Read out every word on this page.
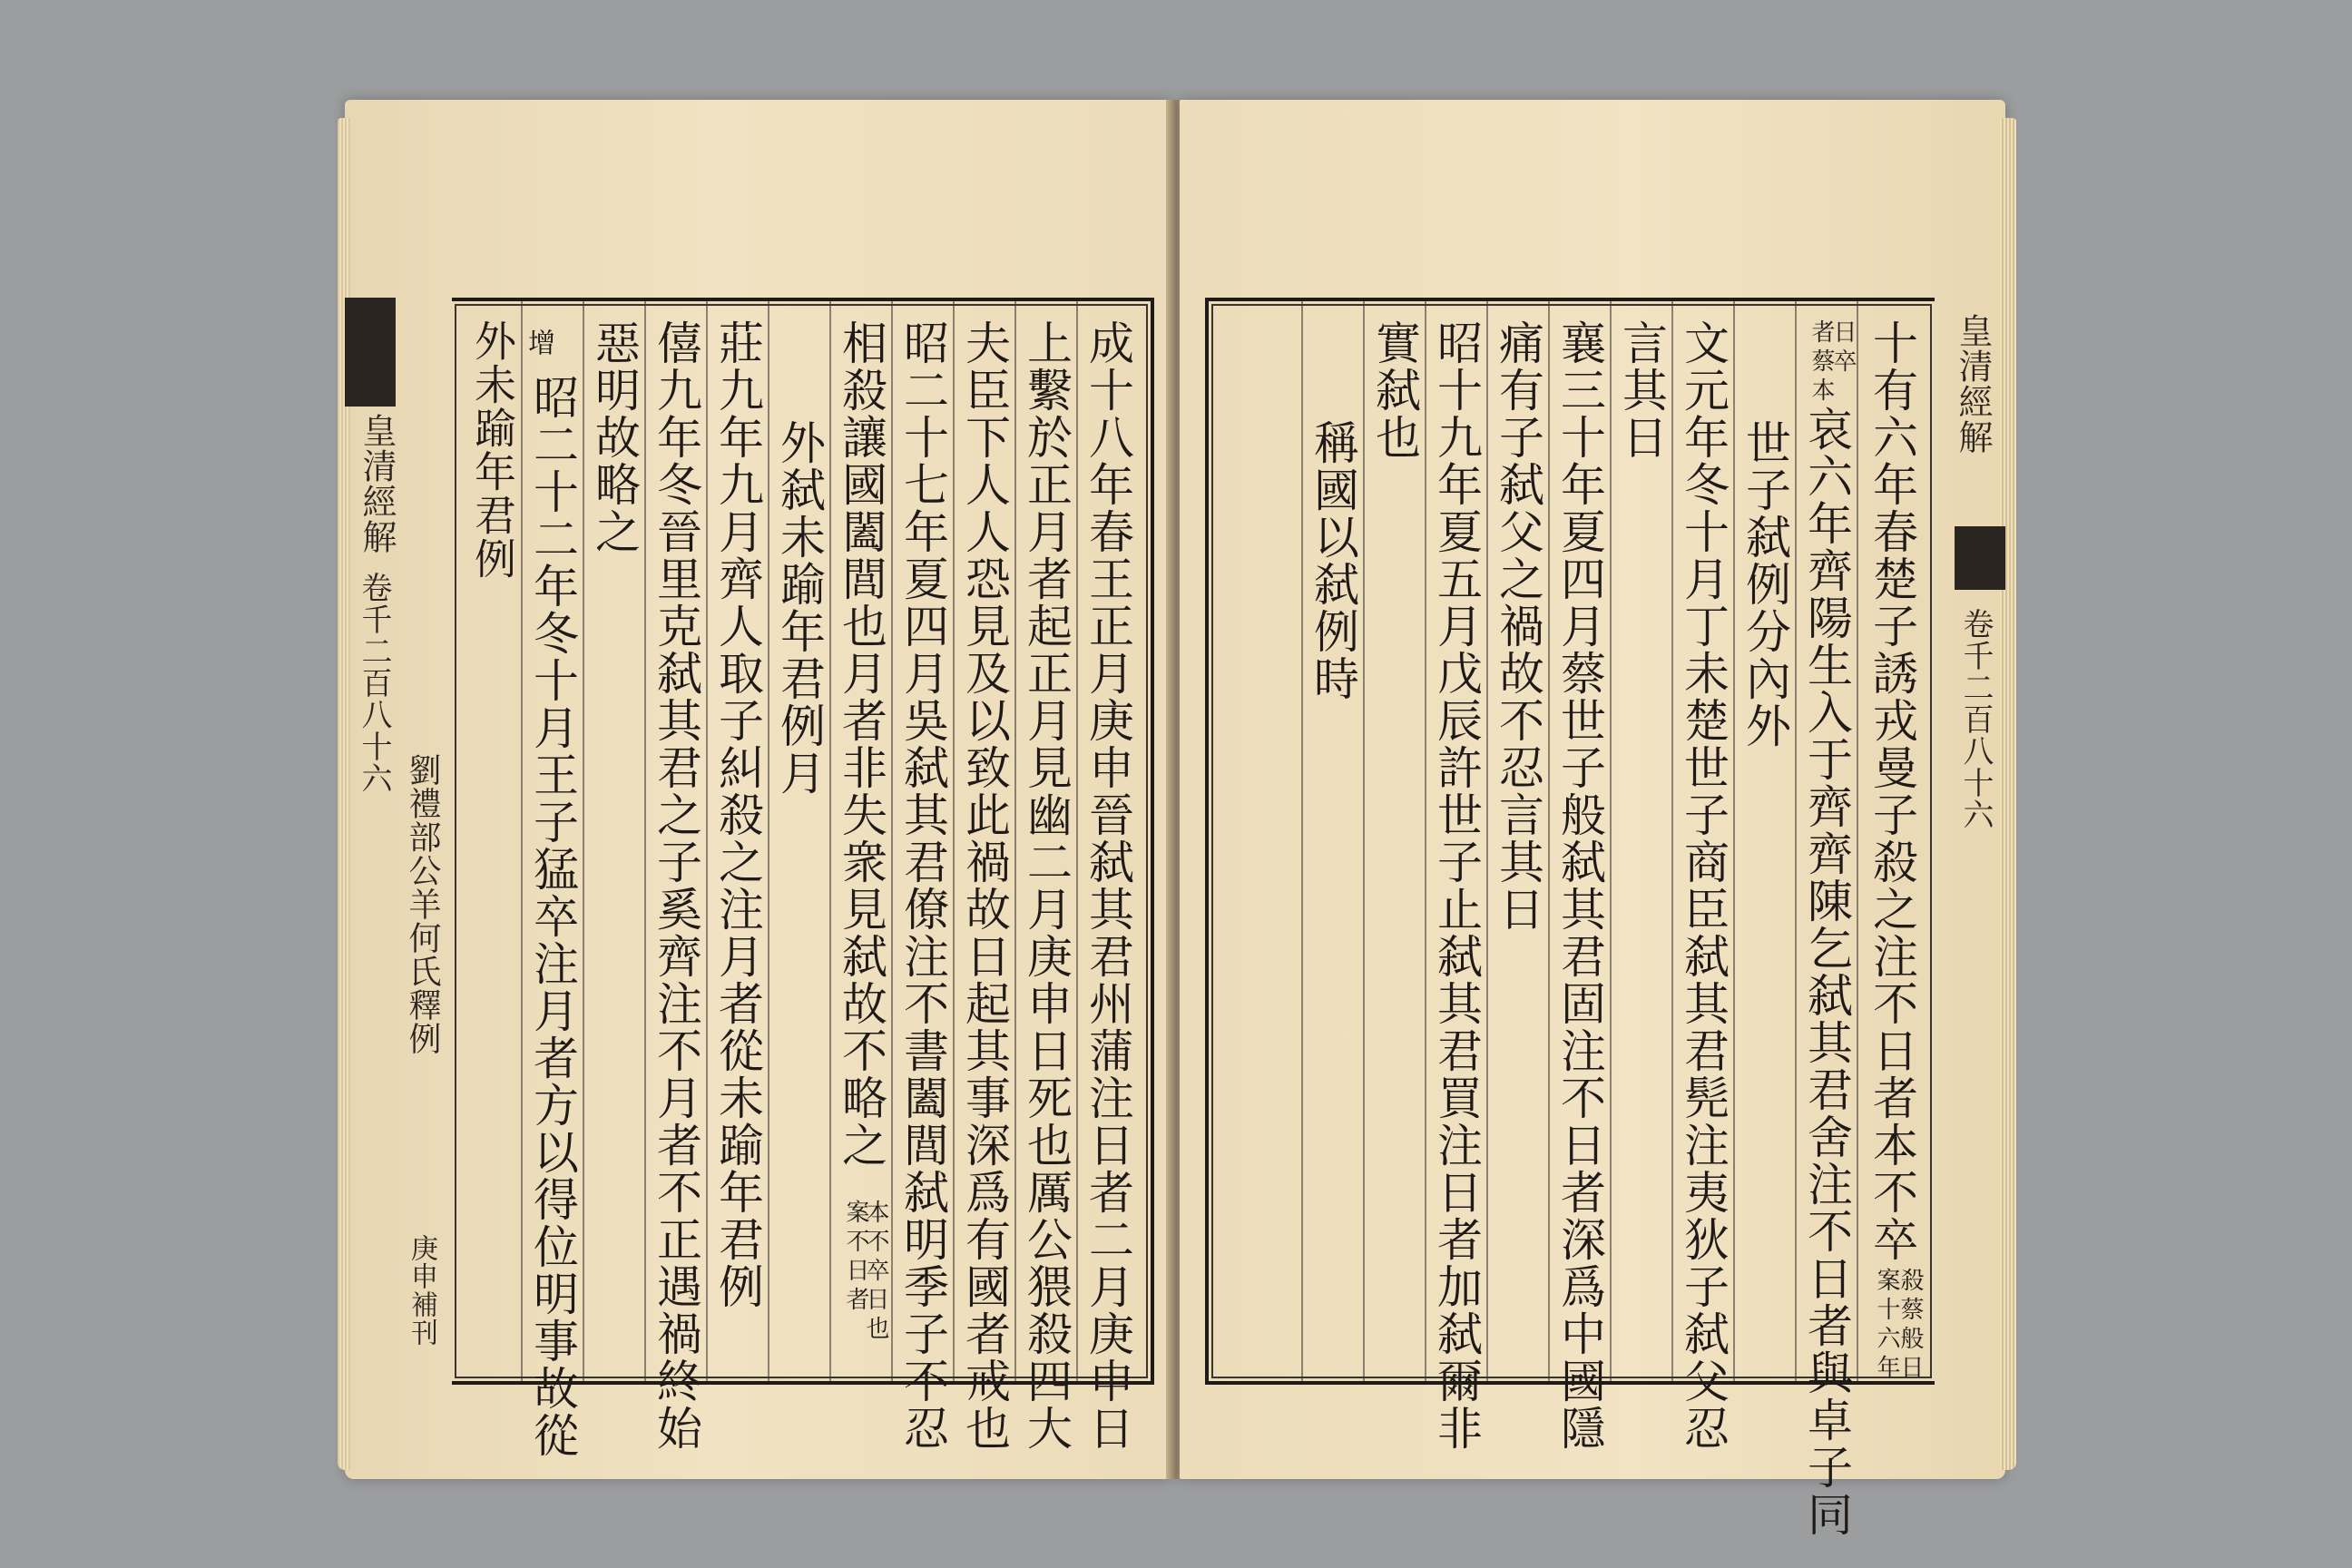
皇清經解
卷千二百八十六
劉禮部公羊何氏釋例
庚申補刊	成十八年春王正月庚申晉弑其君州蒲注日者二月庚申日
上繫於正月者起正月見幽二月庚申日死也厲公猥殺四大
夫臣下人人恐見及以致此禍故日起其事深爲有國者戒也
昭二十七年夏四月吳弑其君僚注不書闔閭弑明季子不忍
相殺讓國闔閭也月者非失衆見弑故不略之
案不日者
本不卒日也
外弑未踰年君例月
莊九年九月齊人取子糾殺之注月者從未踰年君例
僖九年冬晉里克弑其君之子奚齊注不月者不正遇禍終始
惡明故略之
增
昭二十二年冬十月王子猛卒注月者方以得位明事故從
外未踰年君例	皇清經解
卷千二百八十六
十有六年春楚子誘戎曼子殺之注不日者本不卒
案十六年
殺蔡般日
者蔡本
日卒
哀六年齊陽生入于齊齊陳乞弑其君舍注不日者與卓子同
世子弑例分內外
文元年冬十月丁未楚世子商臣弑其君髡注夷狄子弑父忍
言其日
襄三十年夏四月蔡世子般弑其君固注不日者深爲中國隱
痛有子弑父之禍故不忍言其日
昭十九年夏五月戊辰許世子止弑其君買注日者加弑爾非
實弑也
稱國以弑例時
